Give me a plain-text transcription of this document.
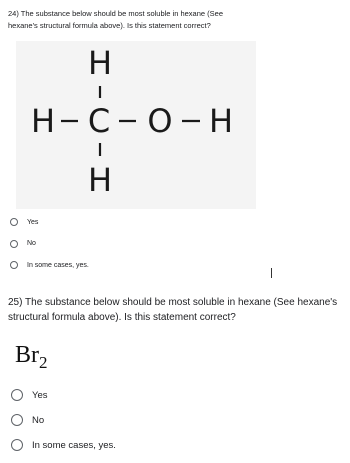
24) The substance below should be most soluble in hexane (See hexane's structural formula above). Is this statement correct?

H
H C O H
H
Yes
No
In some cases, yes.

25) The substance below should be most soluble in hexane (See hexane's structural formula above). Is this statement correct?

$Br_2$
Yes
No
In some cases, yes.
